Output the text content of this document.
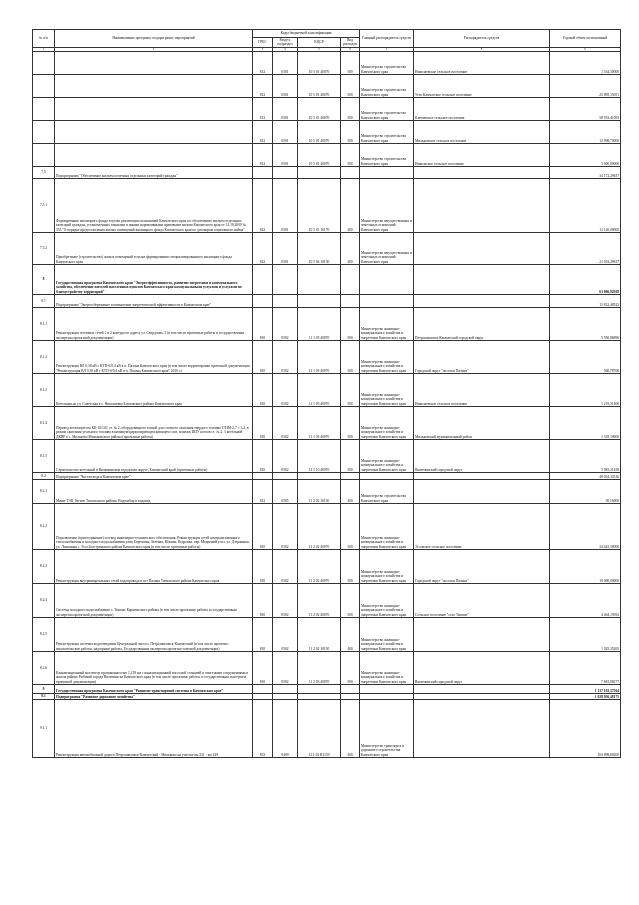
№ п/п	Наименование программ, подпрограмм, мероприятий	Коды бюджетной классификации				Главный распорядитель средств	Распорядитель средств	Годовой объем ассигнований
		ГРБС	Раздел, подраздел	КЦСР	Вид расходов			
1	2	3	4	5	6	7	8	9
		812	0501	10 5 01 40070	500	Министерство строительства Камчатского края	Николаевское сельское поселение	1 534,30000
		812	0501	10 5 01 40070	500	Министерство строительства Камчатского края	Усть-Камчатское сельское поселение	25 895,15051
		812	0501	10 5 01 40070	500	Министерство строительства Камчатского края	Ключевское сельское поселение	58 933,41093
		812	0501	10 5 01 40070	500	Министерство строительства Камчатского края	Мильковское сельское поселение	12 998,70000
		812	0501	10 5 01 40070	500	Министерство строительства Камчатского края	Никольское сельское поселение	3 600,00000
7.5	Подпрограмма "Обеспечение жильем почетных отдельных категорий граждан"							34 172,29637
7.5.1	Формирование жилищного фонда в целях реализации полномочий Камчатского края по обеспечению жильем отдельных категорий граждан, установленных законами и иными нормативными правовыми актами Камчатского края от 31.10.2009 № 353 "О порядке предоставления жилых помещений жилищного фонда Камчатского края по договорам социального найма"	822	0501	10 5 01 10170	400	Министерство имущественных и земельных отношений Камчатского края		13 120,00000
7.5.2	Приобретение (строительство) жилых помещений в целях формирования специализированного жилищного фонда Камчатского края	822	0501	10 5 04 10130	400	Министерство имущественных и земельных отношений Камчатского края		21 052,29637
8	Государственная программа Камчатского края "Энергоэффективность, развитие энергетики и коммунального хозяйства, обеспечение жителей населенных пунктов Камчатского края коммунальными услугами и услугами по благоустройству территорий"							63 866,82928
8.1	Подпрограмма "Энергосбережение и повышение энергетической эффективности в Камчатском крае"							15 832,48522
8.1.1	Реконструкция тепловых сетей 1 и 2 контура по адресу ул. Свердлова, 3 (в том числе проектные работы и государственная экспертиза проектной документации)	810	0502	11 1 05 40070	500	Министерство жилищно-коммунального хозяйства и энергетики Камчатского края	Петропавловск-Камчатский городской округ	5 550,86896
8.1.2	Реконструкция ВЛ 0,38 кВ с КТП-6/0,4 кВ в п. Палана Камчатского края (в том числе корректировка проектной документации "Реконструкция ВЛ 0,38 кВ с КТП-6/0,4 кВ в п. Палана Камчатского края" 2016 г.)	810	0502	11 1 05 40070	500	Министерство жилищно-коммунального хозяйства и энергетики Камчатского края	Городской округ "поселок Палана"	560,78768
8.1.3	Котельная на ул. Советская в с. Николаевка Елизовского района Камчатского края	810	0502	11 1 05 40070	500	Министерство жилищно-коммунального хозяйства и энергетики Камчатского края	Николаевское сельское поселение	1 219,51400
8.1.4	Перевод котлоагрегата КЕ-10/14С ст. № 2, оборудованного топкой для слоевого сжигания твердого топлива ТЛЗМ-2,7 × 3,2, в режим сжигания угольного топлива в кипящем/циркулирующем кипящем слое, монтаж ШЗУ котлов ст. № 2, 3 котельной ДКВР в с. Мильково Мильковского района (проектные работы)	810	0502	11 1 05 40070	500	Министерство жилищно-коммунального хозяйства и энергетики Камчатского края	Мильковский муниципальный район	1 318,10000
8.1.5	Строительство котельной в Вилючинском городском округе, Камчатский край (проектные работы)	810	0502	11 1 10 40070	500	Министерство жилищно-коммунального хозяйства и энергетики Камчатского края	Вилючинский городской округ	5 983,21458
8.2	Подпрограмма "Чистая вода в Камчатском крае"							48 034,33516
8.2.1	Мини-ТЭЦ Тигиль Тигильского района. Водозабор и водовод	812	0505	11 2 02 10130	400	Министерство строительства Камчатского края		50,16000
8.2.2	Подключение (присоединение) и отвод инженерно-технического обеспечения. Реконструкция сетей централизованного теплоснабжения и холодного водоснабжения улиц Березовая, Зеленая, Южная, Кедровая, пер. Медвежий угол, ул. Дзержинка, ул. Лимонная с. Эссо Быстринского района Камчатского края (в том числе проектные работы)	810	0502	11 2 02 40070	500	Министерство жилищно-коммунального хозяйства и энергетики Камчатского края	Эссовское сельское поселение	24 443,58000
8.2.3	Реконструкция внутриквартальных сетей водопровода в пгт Палана Тигильского района Камчатского края	810	0502	11 2 02 40070	500	Министерство жилищно-коммунального хозяйства и энергетики Камчатского края	Городской округ "поселок Палана"	10 000,00000
8.2.4	Система холодного водоснабжения с. Тымлат Карагинского района (в том числе проектные работы и государственная экспертиза проектной документации)	810	0502	11 2 02 40070	500	Министерство жилищно-коммунального хозяйства и энергетики Камчатского края	Сельское поселение "село Тымлат"	4 464,15954
8.2.5	Реконструкция системы водоотведения Центральной части г. Петропавловск-Камчатский (в том числе проектно-изыскательские работы, надзорные работы, Государственная экспертиза проектно-сметной документации)	810	0502	11 2 02 10130	400	Министерство жилищно-коммунального хозяйства и энергетики Камчатского края		1 025,35265
8.2.6	Канализационный коллектор протяженностью 1,218 км с канализационной насосной станцией и очистными сооружениями в жилом районе Рыбачий города Вилючинска Камчатского края (в том числе проектные работы и государственная экспертиза проектной документации)	810	0502	11 2 03 40070	500	Министерство жилищно-коммунального хозяйства и энергетики Камчатского края	Вилючинский городской округ	7 681,08277
9	Государственная программа Камчатского края "Развитие транспортной системы в Камчатском крае"							1 137 102,37564
9.1	Подпрограмма "Развитие дорожного хозяйства"							1 028 956,48175
9.1.1	Реконструкция автомобильной дороги Петропавловск-Камчатский - Мильково на участке км 231 - км 249	833	0409	12 1 02 R1150	400	Министерство транспорта и дорожного строительства Камчатского края		104 896,00200
